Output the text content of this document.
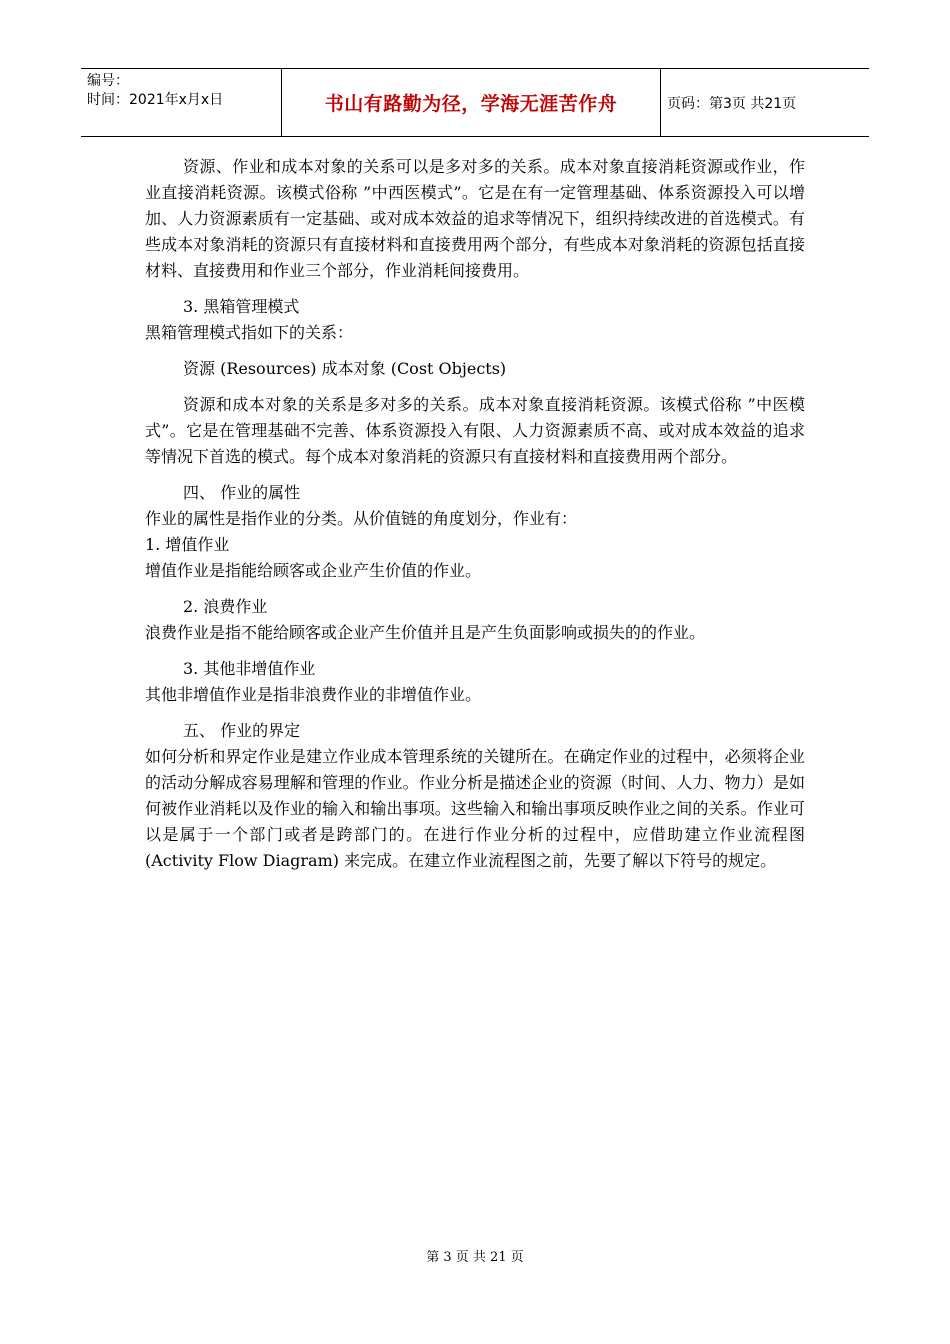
编号：
时间：2021年x月x日	书山有路勤为径，学海无涯苦作舟	页码：第3页 共21页

资源、作业和成本对象的关系可以是多对多的关系。成本对象直接消耗资源或作业，作业直接消耗资源。该模式俗称 ”中西医模式”。它是在有一定管理基础、体系资源投入可以增加、人力资源素质有一定基础、或对成本效益的追求等情况下，组织持续改进的首选模式。有些成本对象消耗的资源只有直接材料和直接费用两个部分，有些成本对象消耗的资源包括直接材料、直接费用和作业三个部分，作业消耗间接费用。

3. 黑箱管理模式

黑箱管理模式指如下的关系：

资源 (Resources) 成本对象 (Cost Objects)

资源和成本对象的关系是多对多的关系。成本对象直接消耗资源。该模式俗称 ”中医模式”。它是在管理基础不完善、体系资源投入有限、人力资源素质不高、或对成本效益的追求等情况下首选的模式。每个成本对象消耗的资源只有直接材料和直接费用两个部分。

四、 作业的属性

作业的属性是指作业的分类。从价值链的角度划分，作业有：

1. 增值作业

增值作业是指能给顾客或企业产生价值的作业。

2. 浪费作业

浪费作业是指不能给顾客或企业产生价值并且是产生负面影响或损失的的作业。

3. 其他非增值作业

其他非增值作业是指非浪费作业的非增值作业。

五、 作业的界定

如何分析和界定作业是建立作业成本管理系统的关键所在。在确定作业的过程中，必须将企业的活动分解成容易理解和管理的作业。作业分析是描述企业的资源（时间、人力、物力）是如何被作业消耗以及作业的输入和输出事项。这些输入和输出事项反映作业之间的关系。作业可以是属于一个部门或者是跨部门的。在进行作业分析的过程中，应借助建立作业流程图 (Activity Flow Diagram) 来完成。在建立作业流程图之前，先要了解以下符号的规定。

第 3 页 共 21 页
